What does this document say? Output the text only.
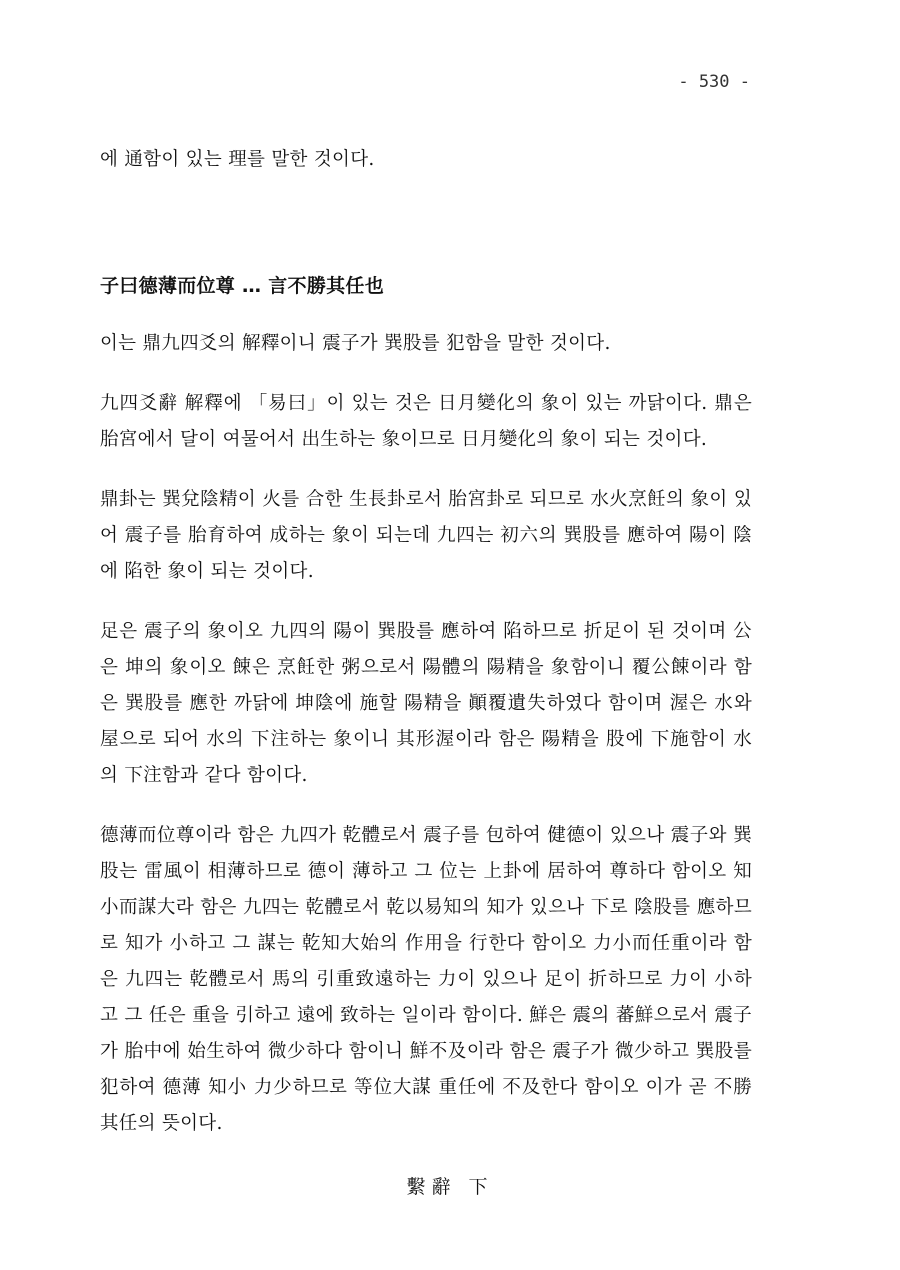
- 530 -

에 通함이 있는 理를 말한 것이다.

子曰德薄而位尊 … 言不勝其任也

이는 鼎九四爻의 解釋이니 震子가 巽股를 犯함을 말한 것이다.

九四爻辭 解釋에 「易曰」이 있는 것은 日月變化의 象이 있는 까닭이다. 鼎은 胎宮에서 달이 여물어서 出生하는 象이므로 日月變化의 象이 되는 것이다.

鼎卦는 巽兌陰精이 火를 合한 生長卦로서 胎宮卦로 되므로 水火烹飪의 象이 있어 震子를 胎育하여 成하는 象이 되는데 九四는 初六의 巽股를 應하여 陽이 陰에 陷한 象이 되는 것이다.

足은 震子의 象이오 九四의 陽이 巽股를 應하여 陷하므로 折足이 된 것이며 公은 坤의 象이오 餗은 烹飪한 粥으로서 陽體의 陽精을 象함이니 覆公餗이라 함은 巽股를 應한 까닭에 坤陰에 施할 陽精을 顚覆遺失하였다 함이며 渥은 水와 屋으로 되어 水의 下注하는 象이니 其形渥이라 함은 陽精을 股에 下施함이 水의 下注함과 같다 함이다.

德薄而位尊이라 함은 九四가 乾體로서 震子를 包하여 健德이 있으나 震子와 巽股는 雷風이 相薄하므로 德이 薄하고 그 位는 上卦에 居하여 尊하다 함이오 知小而謀大라 함은 九四는 乾體로서 乾以易知의 知가 있으나 下로 陰股를 應하므로 知가 小하고 그 謀는 乾知大始의 作用을 行한다 함이오 力小而任重이라 함은 九四는 乾體로서 馬의 引重致遠하는 力이 있으나 足이 折하므로 力이 小하고 그 任은 重을 引하고 遠에 致하는 일이라 함이다. 鮮은 震의 蕃鮮으로서 震子가 胎中에 始生하여 微少하다 함이니 鮮不及이라 함은 震子가 微少하고 巽股를 犯하여 德薄 知小 力少하므로 等位大謀 重任에 不及한다 함이오 이가 곧 不勝其任의 뜻이다.

繫辭 下
